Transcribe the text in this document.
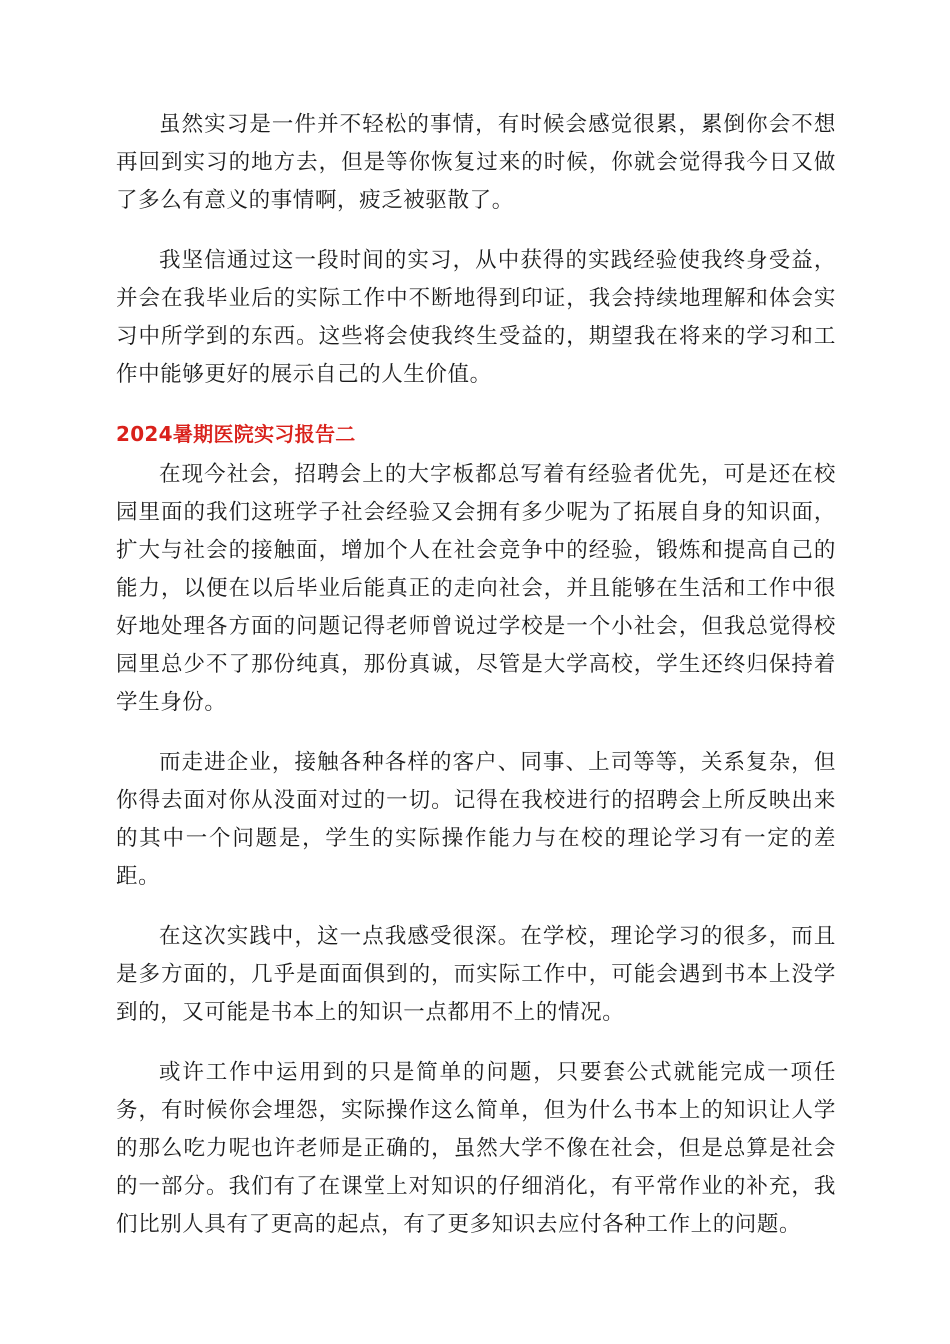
虽然实习是一件并不轻松的事情，有时候会感觉很累，累倒你会不想再回到实习的地方去，但是等你恢复过来的时候，你就会觉得我今日又做了多么有意义的事情啊，疲乏被驱散了。

我坚信通过这一段时间的实习，从中获得的实践经验使我终身受益，并会在我毕业后的实际工作中不断地得到印证，我会持续地理解和体会实习中所学到的东西。这些将会使我终生受益的，期望我在将来的学习和工作中能够更好的展示自己的人生价值。

2024暑期医院实习报告二

在现今社会，招聘会上的大字板都总写着有经验者优先，可是还在校园里面的我们这班学子社会经验又会拥有多少呢为了拓展自身的知识面，扩大与社会的接触面，增加个人在社会竞争中的经验，锻炼和提高自己的能力，以便在以后毕业后能真正的走向社会，并且能够在生活和工作中很好地处理各方面的问题记得老师曾说过学校是一个小社会，但我总觉得校园里总少不了那份纯真，那份真诚，尽管是大学高校，学生还终归保持着学生身份。

而走进企业，接触各种各样的客户、同事、上司等等，关系复杂，但你得去面对你从没面对过的一切。记得在我校进行的招聘会上所反映出来的其中一个问题是，学生的实际操作能力与在校的理论学习有一定的差距。

在这次实践中，这一点我感受很深。在学校，理论学习的很多，而且是多方面的，几乎是面面俱到的，而实际工作中，可能会遇到书本上没学到的，又可能是书本上的知识一点都用不上的情况。

或许工作中运用到的只是简单的问题，只要套公式就能完成一项任务，有时候你会埋怨，实际操作这么简单，但为什么书本上的知识让人学的那么吃力呢也许老师是正确的，虽然大学不像在社会，但是总算是社会的一部分。我们有了在课堂上对知识的仔细消化，有平常作业的补充，我们比别人具有了更高的起点，有了更多知识去应付各种工作上的问题。
